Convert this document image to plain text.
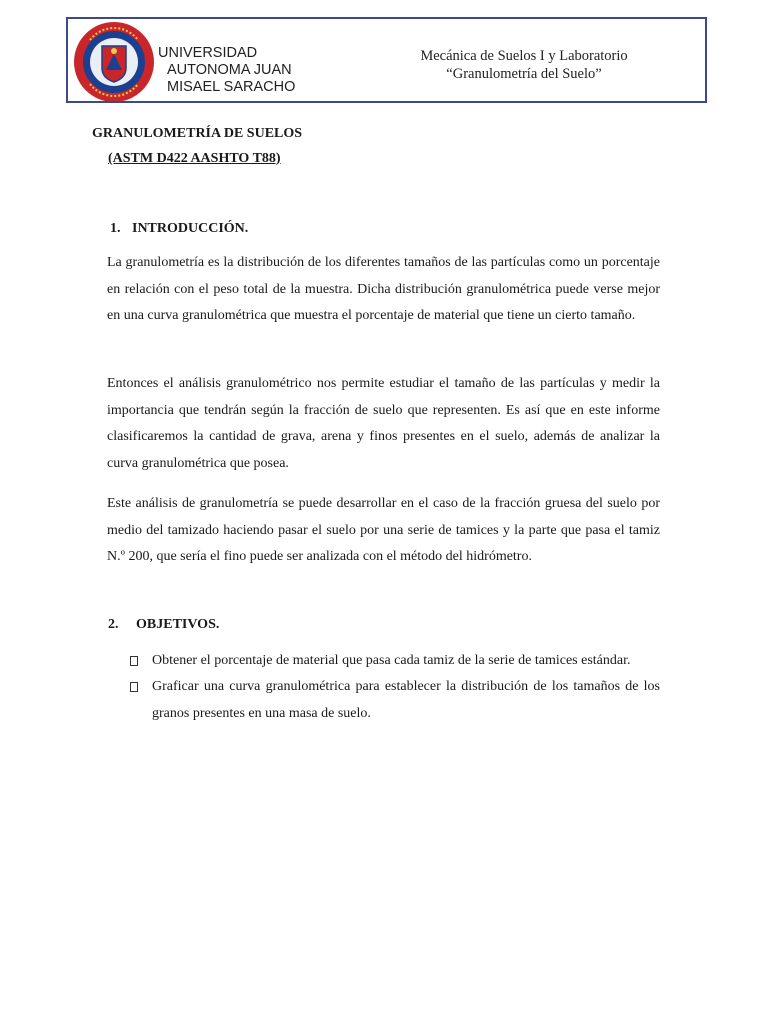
UNIVERSIDAD
AUTONOMA JUAN
MISAEL SARACHO
Mecánica de Suelos I y Laboratorio
“Granulometría del Suelo”
GRANULOMETRÍA DE SUELOS
(ASTM D422 AASHTO T88)
1. INTRODUCCIÓN.
La granulometría es la distribución de los diferentes tamaños de las partículas como un porcentaje en relación con el peso total de la muestra. Dicha distribución granulométrica puede verse mejor en una curva granulométrica que muestra el porcentaje de material que tiene un cierto tamaño.
Entonces el análisis granulométrico nos permite estudiar el tamaño de las partículas y medir la importancia que tendrán según la fracción de suelo que representen. Es así que en este informe clasificaremos la cantidad de grava, arena y finos presentes en el suelo, además de analizar la curva granulométrica que posea.
Este análisis de granulometría se puede desarrollar en el caso de la fracción gruesa del suelo por medio del tamizado haciendo pasar el suelo por una serie de tamices y la parte que pasa el tamiz N.º 200, que sería el fino puede ser analizada con el método del hidrómetro.
2. OBJETIVOS.
Obtener el porcentaje de material que pasa cada tamiz de la serie de tamices estándar.
Graficar una curva granulométrica para establecer la distribución de los tamaños de los granos presentes en una masa de suelo.
